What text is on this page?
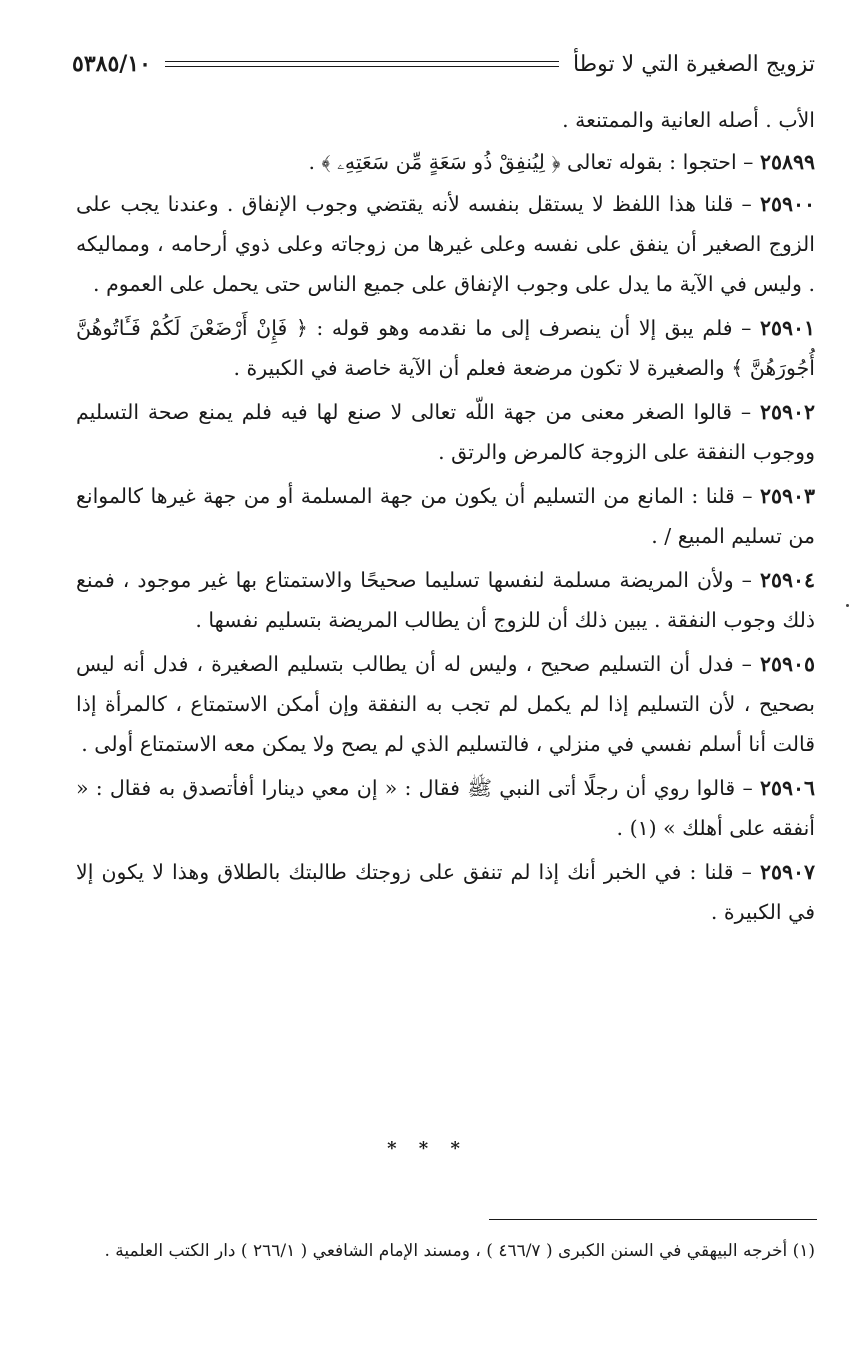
تزويج الصغيرة التي لا توطأ
٥٣٨٥/١٠

الأب . أصله العانية والممتنعة .

٢٥٨٩٩ – احتجوا : بقوله تعالى ﴿ لِيُنفِقْ ذُو سَعَةٍ مِّن سَعَتِهِۦ ﴾ .

٢٥٩٠٠ – قلنا هذا اللفظ لا يستقل بنفسه لأنه يقتضي وجوب الإنفاق . وعندنا يجب على الزوج الصغير أن ينفق على نفسه وعلى غيرها من زوجاته وعلى ذوي أرحامه ، ومماليكه . وليس في الآية ما يدل على وجوب الإنفاق على جميع الناس حتى يحمل على العموم .

٢٥٩٠١ – فلم يبق إلا أن ينصرف إلى ما نقدمه وهو قوله : ﴿ فَإِنْ أَرْضَعْنَ لَكُمْ فَـَٔاتُوهُنَّ أُجُورَهُنَّ ﴾ والصغيرة لا تكون مرضعة فعلم أن الآية خاصة في الكبيرة .

٢٥٩٠٢ – قالوا الصغر معنى من جهة اللّه تعالى لا صنع لها فيه فلم يمنع صحة التسليم ووجوب النفقة على الزوجة كالمرض والرتق .

٢٥٩٠٣ – قلنا : المانع من التسليم أن يكون من جهة المسلمة أو من جهة غيرها كالموانع من تسليم المبيع / .

٢٥٩٠٤ – ولأن المريضة مسلمة لنفسها تسليما صحيحًا والاستمتاع بها غير موجود ، فمنع ذلك وجوب النفقة . يبين ذلك أن للزوج أن يطالب المريضة بتسليم نفسها .

٢٥٩٠٥ – فدل أن التسليم صحيح ، وليس له أن يطالب بتسليم الصغيرة ، فدل أنه ليس بصحيح ، لأن التسليم إذا لم يكمل لم تجب به النفقة وإن أمكن الاستمتاع ، كالمرأة إذا قالت أنا أسلم نفسي في منزلي ، فالتسليم الذي لم يصح ولا يمكن معه الاستمتاع أولى .

٢٥٩٠٦ – قالوا روي أن رجلًا أتى النبي ﷺ فقال : « إن معي دينارا أفأتصدق به فقال : « أنفقه على أهلك » (١) .

٢٥٩٠٧ – قلنا : في الخبر أنك إذا لم تنفق على زوجتك طالبتك بالطلاق وهذا لا يكون إلا في الكبيرة .

* * *
(١) أخرجه البيهقي في السنن الكبرى ( ٤٦٦/٧ ) ، ومسند الإمام الشافعي ( ٢٦٦/١ ) دار الكتب العلمية .
